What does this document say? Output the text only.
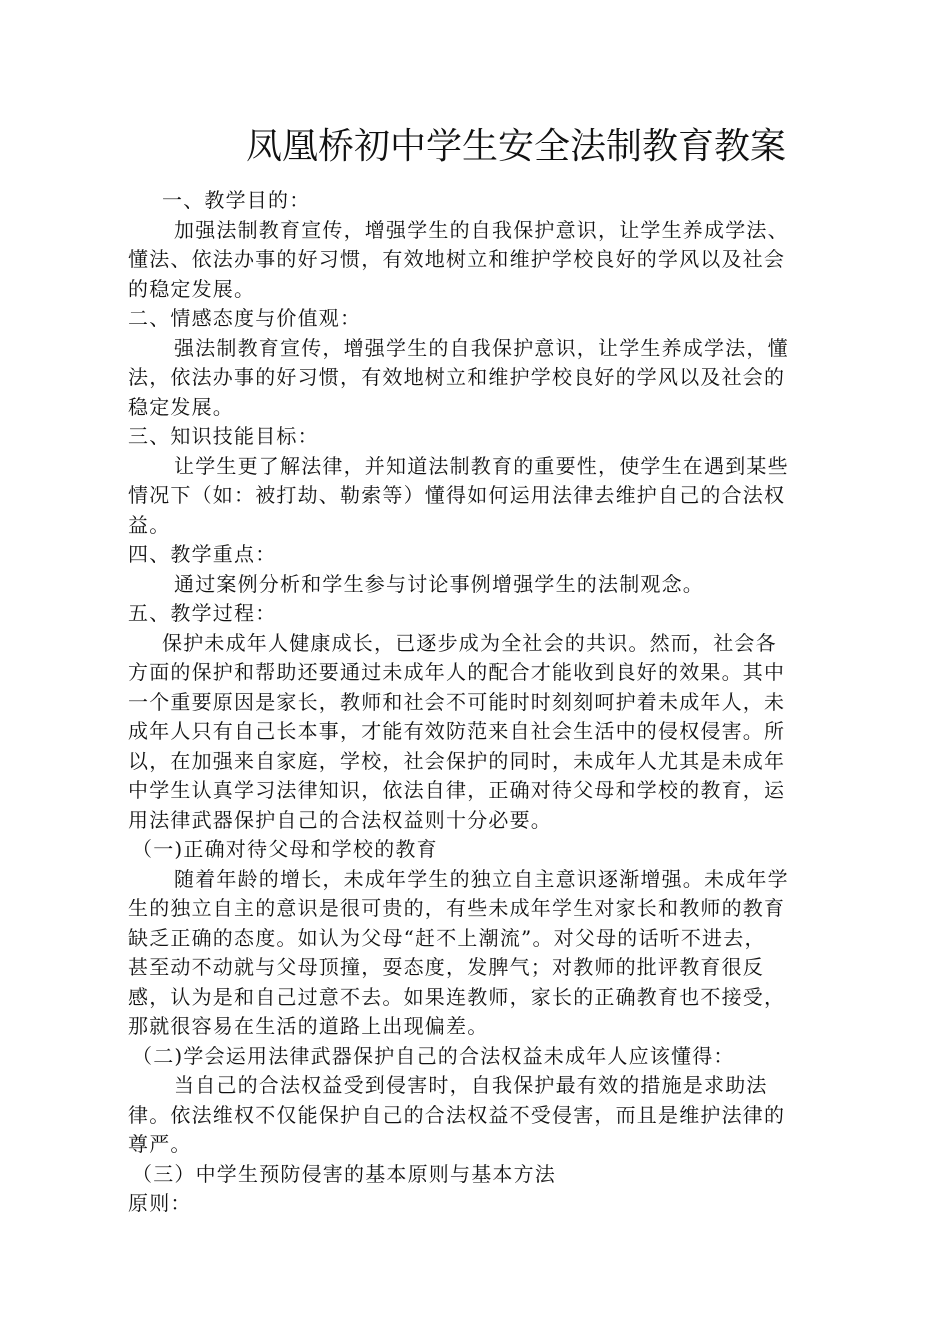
凤凰桥初中学生安全法制教育教案
一、教学目的：
加强法制教育宣传，增强学生的自我保护意识，让学生养成学法、
懂法、依法办事的好习惯，有效地树立和维护学校良好的学风以及社会
的稳定发展。
二、情感态度与价值观：
强法制教育宣传，增强学生的自我保护意识，让学生养成学法，懂
法，依法办事的好习惯，有效地树立和维护学校良好的学风以及社会的
稳定发展。
三、知识技能目标：
让学生更了解法律，并知道法制教育的重要性，使学生在遇到某些
情况下（如：被打劫、勒索等）懂得如何运用法律去维护自己的合法权
益。
四、教学重点：
通过案例分析和学生参与讨论事例增强学生的法制观念。
五、教学过程：
保护未成年人健康成长，已逐步成为全社会的共识。然而，社会各
方面的保护和帮助还要通过未成年人的配合才能收到良好的效果。其中
一个重要原因是家长，教师和社会不可能时时刻刻呵护着未成年人，未
成年人只有自己长本事，才能有效防范来自社会生活中的侵权侵害。所
以，在加强来自家庭，学校，社会保护的同时，未成年人尤其是未成年
中学生认真学习法律知识，依法自律，正确对待父母和学校的教育，运
用法律武器保护自己的合法权益则十分必要。
（一)正确对待父母和学校的教育
随着年龄的增长，未成年学生的独立自主意识逐渐增强。未成年学
生的独立自主的意识是很可贵的，有些未成年学生对家长和教师的教育
缺乏正确的态度。如认为父母“赶不上潮流”。对父母的话听不进去，
甚至动不动就与父母顶撞，耍态度，发脾气；对教师的批评教育很反
感，认为是和自己过意不去。如果连教师，家长的正确教育也不接受，
那就很容易在生活的道路上出现偏差。
（二)学会运用法律武器保护自己的合法权益未成年人应该懂得：
当自己的合法权益受到侵害时，自我保护最有效的措施是求助法
律。依法维权不仅能保护自己的合法权益不受侵害，而且是维护法律的
尊严。
（三）中学生预防侵害的基本原则与基本方法
原则：
